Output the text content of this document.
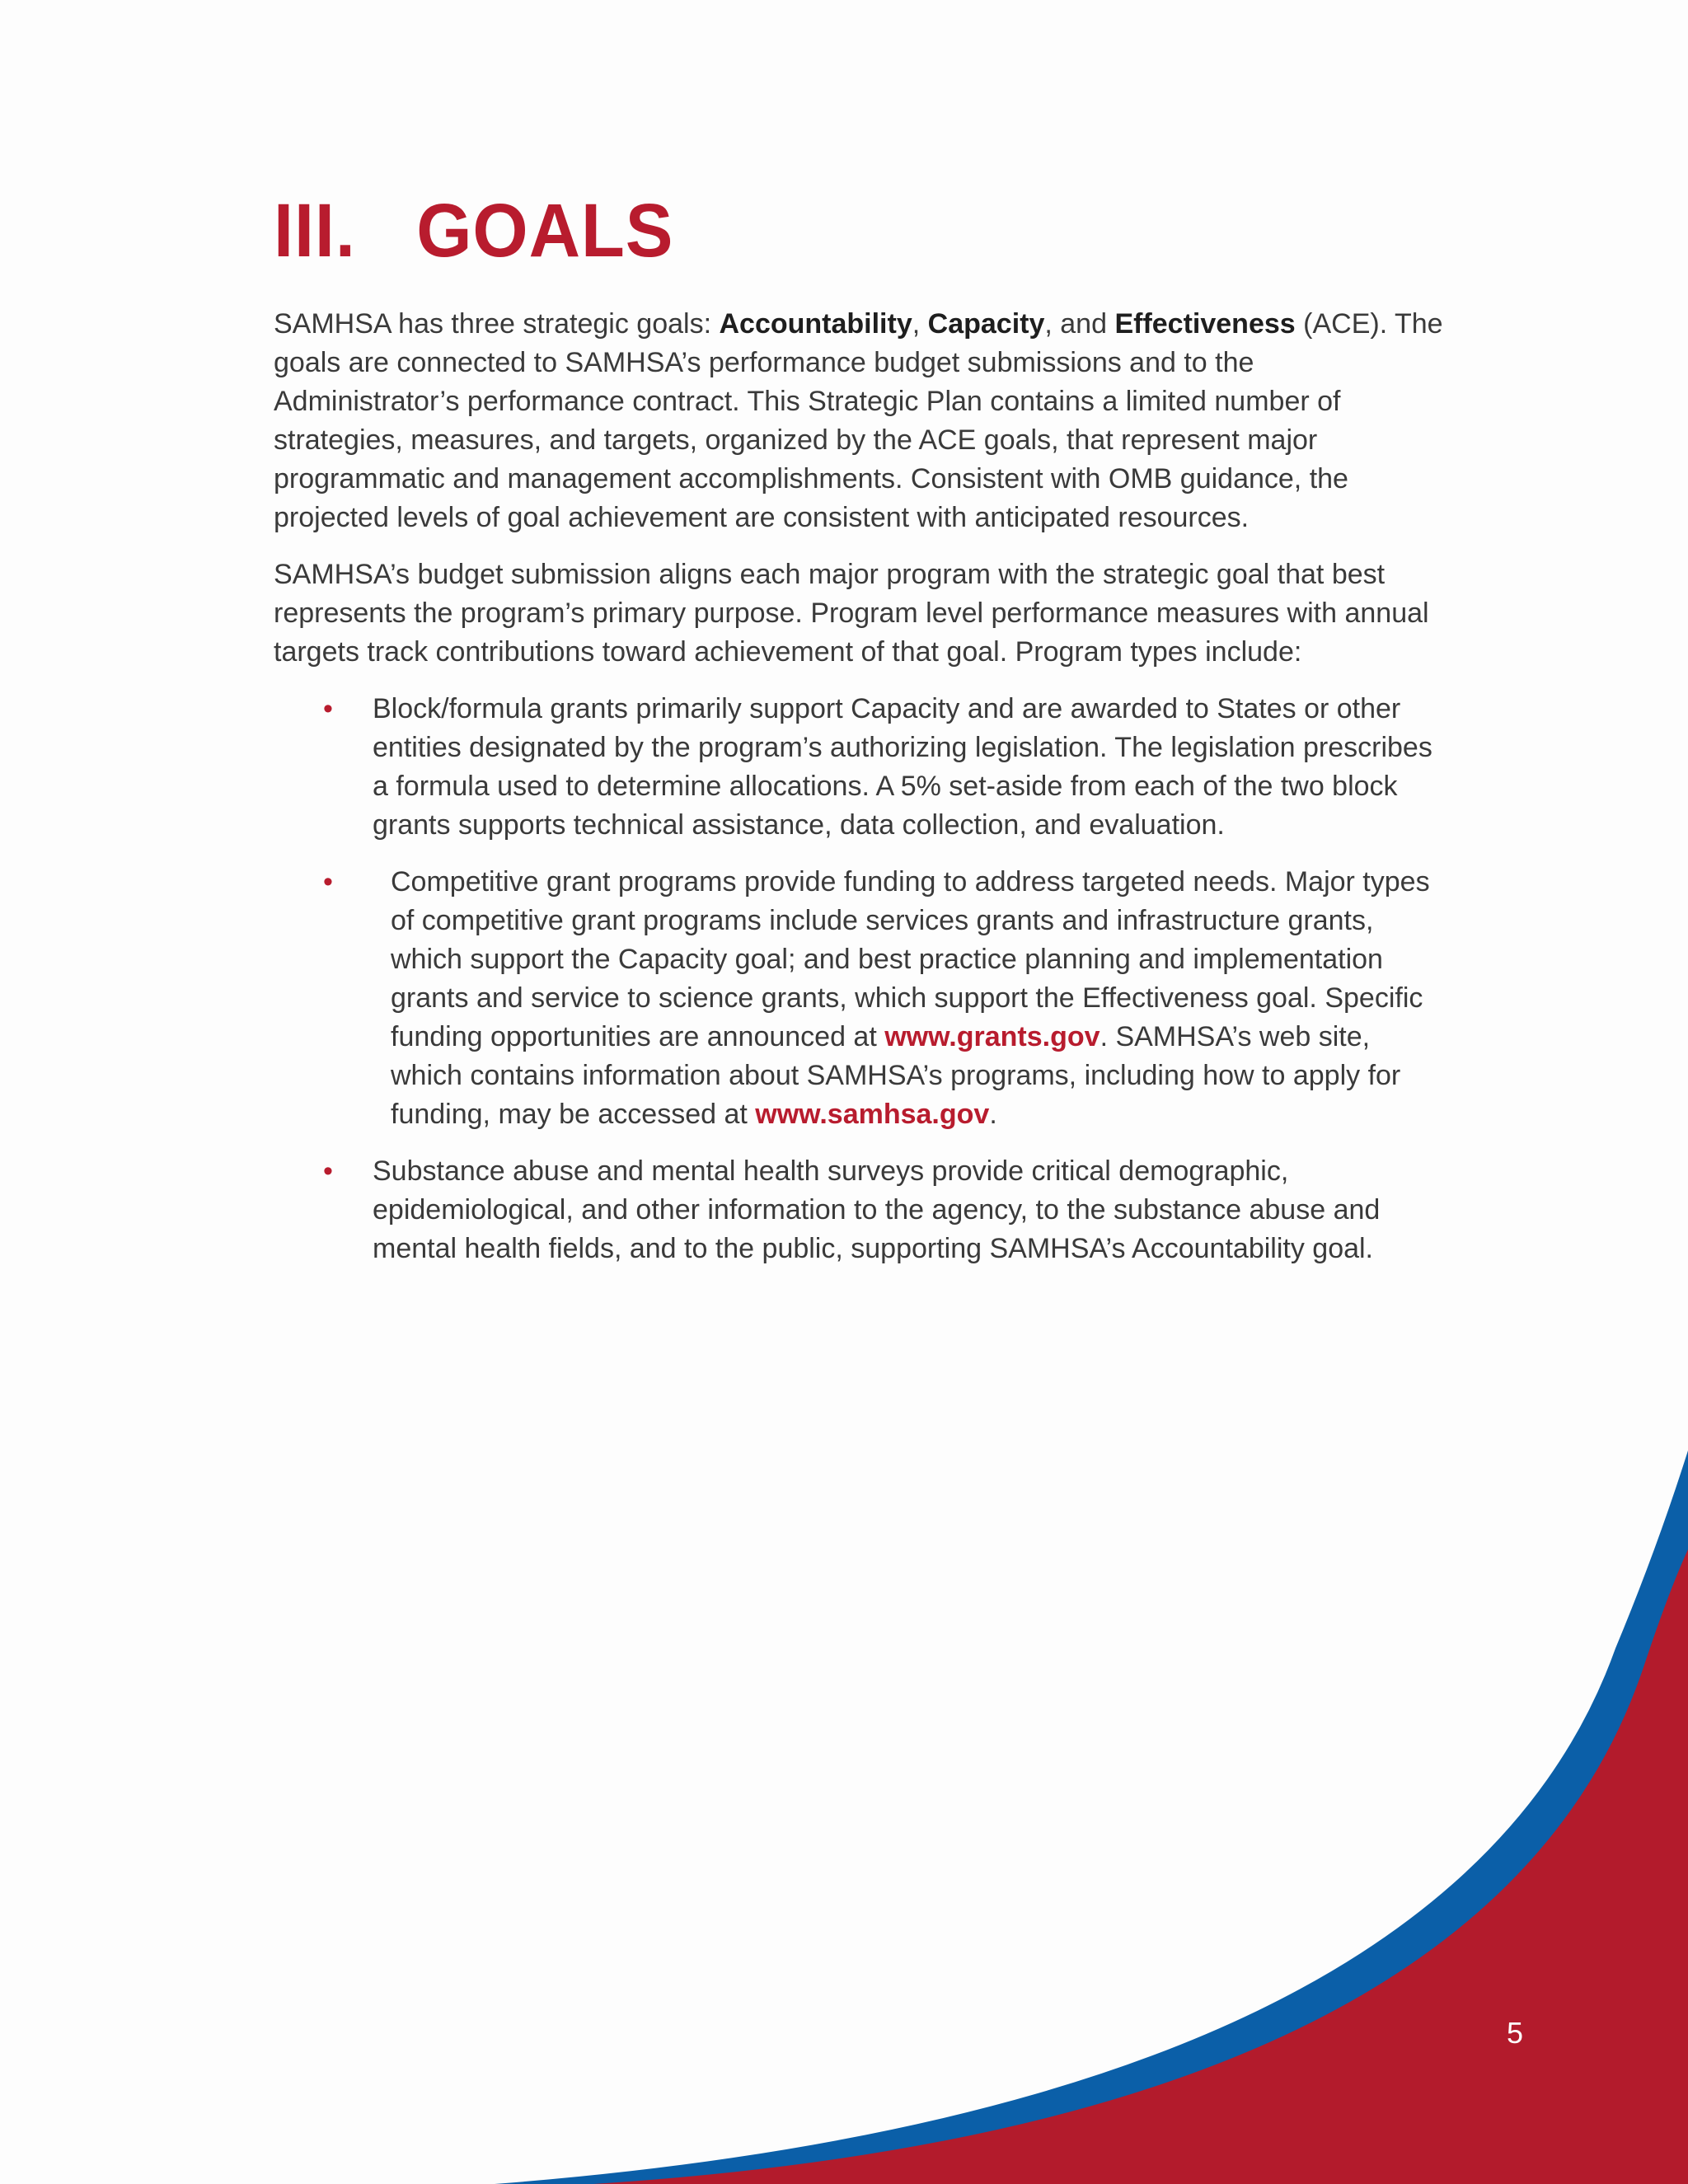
III. GOALS

SAMHSA has three strategic goals: Accountability, Capacity, and Effectiveness (ACE). The goals are connected to SAMHSA’s performance budget submissions and to the Administrator’s performance contract. This Strategic Plan contains a limited number of strategies, measures, and targets, organized by the ACE goals, that represent major programmatic and management accomplishments. Consistent with OMB guidance, the projected levels of goal achievement are consistent with anticipated resources.

SAMHSA’s budget submission aligns each major program with the strategic goal that best represents the program’s primary purpose. Program level performance measures with annual targets track contributions toward achievement of that goal. Program types include:

• Block/formula grants primarily support Capacity and are awarded to States or other entities designated by the program’s authorizing legislation. The legislation prescribes a formula used to determine allocations. A 5% set-aside from each of the two block grants supports technical assistance, data collection, and evaluation.
• Competitive grant programs provide funding to address targeted needs. Major types of competitive grant programs include services grants and infrastructure grants, which support the Capacity goal; and best practice planning and implementation grants and service to science grants, which support the Effectiveness goal. Specific funding opportunities are announced at www.grants.gov. SAMHSA’s web site, which contains information about SAMHSA’s programs, including how to apply for funding, may be accessed at www.samhsa.gov.
• Substance abuse and mental health surveys provide critical demographic, epidemiological, and other information to the agency, to the substance abuse and mental health fields, and to the public, supporting SAMHSA’s Accountability goal.
5
